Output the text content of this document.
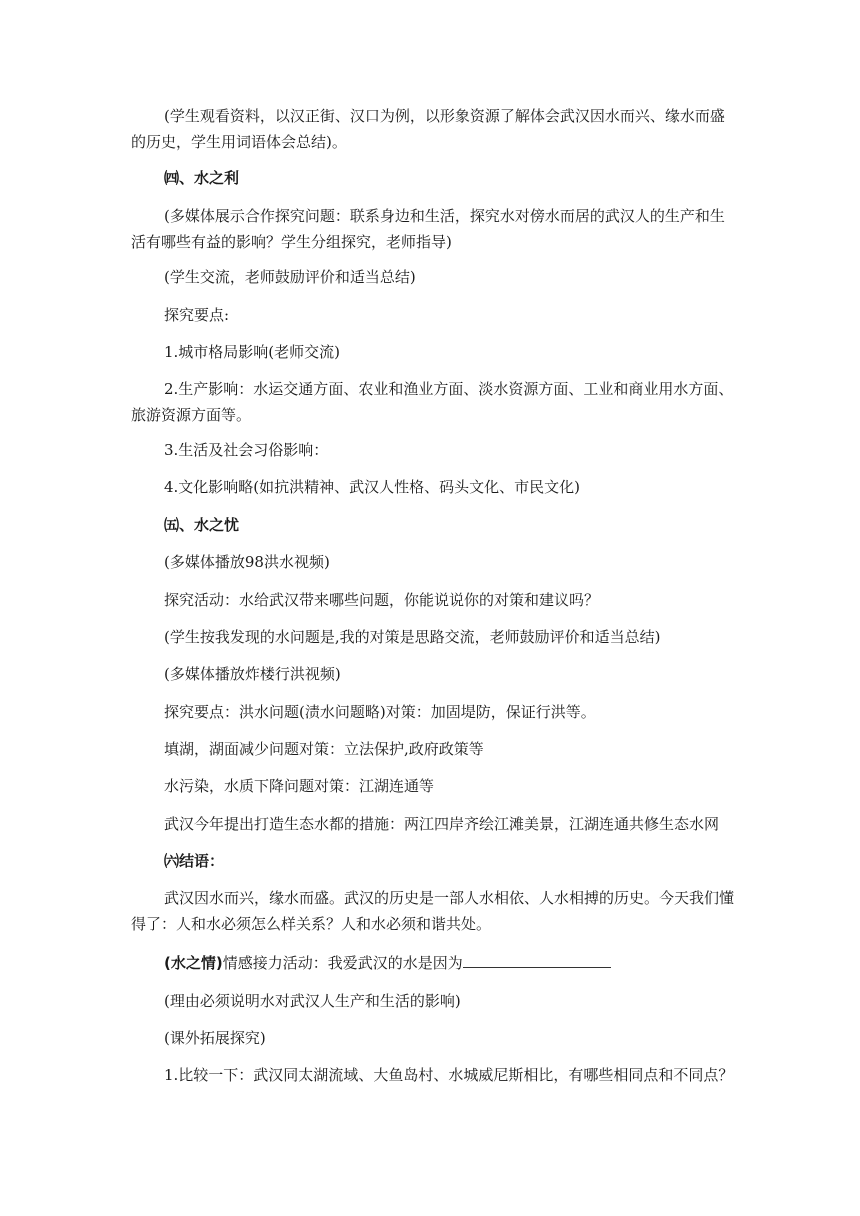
(学生观看资料，以汉正街、汉口为例，以形象资源了解体会武汉因水而兴、缘水而盛的历史，学生用词语体会总结)。

㈣、水之利

(多媒体展示合作探究问题：联系身边和生活，探究水对傍水而居的武汉人的生产和生活有哪些有益的影响？学生分组探究，老师指导)

(学生交流，老师鼓励评价和适当总结)

探究要点:

1.城市格局影响(老师交流)

2.生产影响：水运交通方面、农业和渔业方面、淡水资源方面、工业和商业用水方面、旅游资源方面等。

3.生活及社会习俗影响：

4.文化影响略(如抗洪精神、武汉人性格、码头文化、市民文化)

㈤、水之忧

(多媒体播放98洪水视频)

探究活动：水给武汉带来哪些问题，你能说说你的对策和建议吗？

(学生按我发现的水问题是,我的对策是思路交流，老师鼓励评价和适当总结)

(多媒体播放炸楼行洪视频)

探究要点：洪水问题(渍水问题略)对策：加固堤防，保证行洪等。

填湖，湖面减少问题对策：立法保护,政府政策等

水污染，水质下降问题对策：江湖连通等

武汉今年提出打造生态水都的措施：两江四岸齐绘江滩美景，江湖连通共修生态水网

㈥结语：

武汉因水而兴，缘水而盛。武汉的历史是一部人水相依、人水相搏的历史。今天我们懂得了：人和水必须怎么样关系？人和水必须和谐共处。

(水之情)情感接力活动：我爱武汉的水是因为

(理由必须说明水对武汉人生产和生活的影响)

(课外拓展探究)

1.比较一下：武汉同太湖流域、大鱼岛村、水城威尼斯相比，有哪些相同点和不同点？
